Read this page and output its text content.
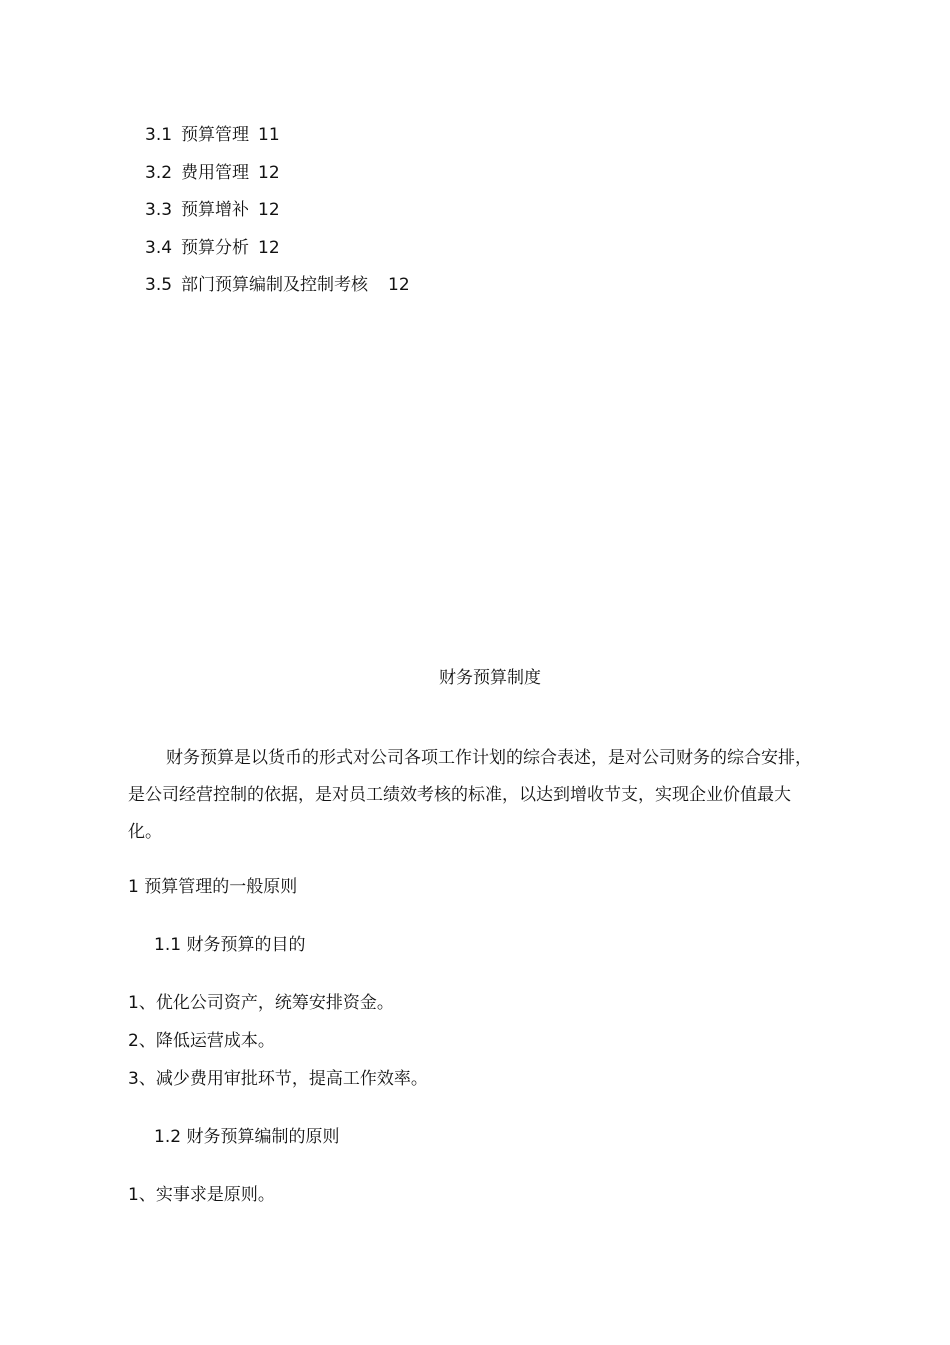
3.1 预算管理 11
3.2 费用管理 12
3.3 预算增补 12
3.4 预算分析 12
3.5 部门预算编制及控制考核 12
财务预算制度

财务预算是以货币的形式对公司各项工作计划的综合表述，是对公司财务的综合安排，是公司经营控制的依据，是对员工绩效考核的标准，以达到增收节支，实现企业价值最大化。

1 预算管理的一般原则

1.1 财务预算的目的

1、优化公司资产，统筹安排资金。

2、降低运营成本。

3、减少费用审批环节，提高工作效率。

1.2 财务预算编制的原则

1、实事求是原则。
